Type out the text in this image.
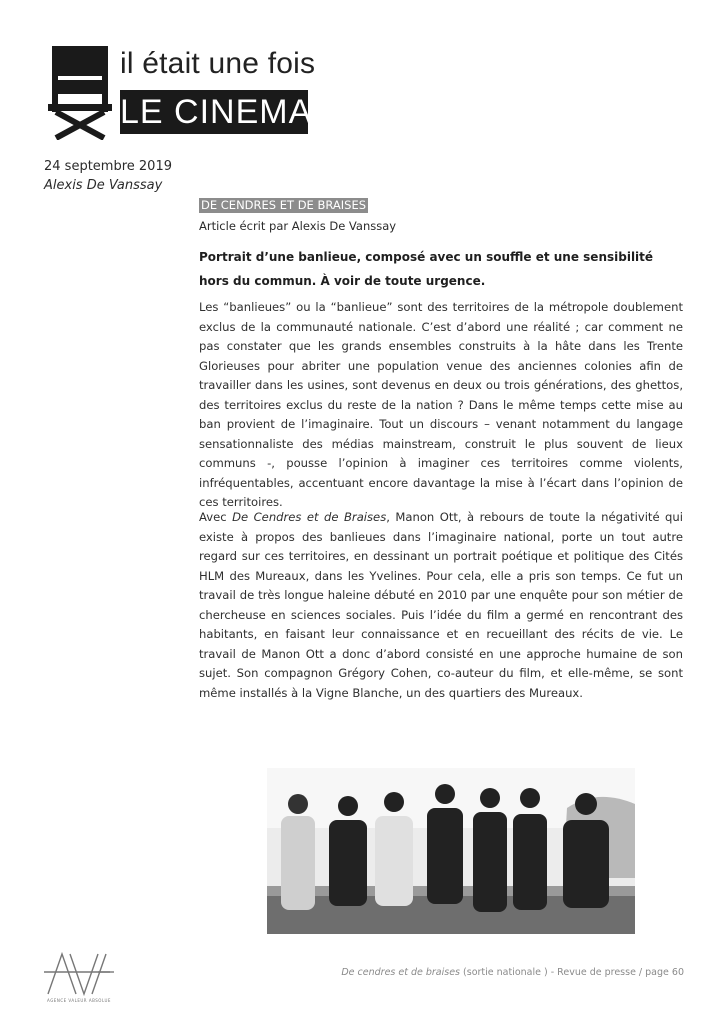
il était une fois
LE CINEMA
24 septembre 2019
Alexis De Vanssay
DE CENDRES ET DE BRAISES
Article écrit par Alexis De Vanssay
Portrait d’une banlieue, composé avec un souffle et une sensibilité hors du commun. À voir de toute urgence.
Les “banlieues” ou la “banlieue” sont des territoires de la métropole doublement exclus de la communauté nationale. C’est d’abord une réalité ; car comment ne pas constater que les grands ensembles construits à la hâte dans les Trente Glorieuses pour abriter une population venue des anciennes colonies afin de travailler dans les usines, sont devenus en deux ou trois générations, des ghettos, des territoires exclus du reste de la nation ? Dans le même temps cette mise au ban provient de l’imaginaire. Tout un discours – venant notamment du langage sensationnaliste des médias mainstream, construit le plus souvent de lieux communs -, pousse l’opinion à imaginer ces territoires comme violents, infréquentables, accentuant encore davantage la mise à l’écart dans l’opinion de ces territoires.
Avec De Cendres et de Braises, Manon Ott, à rebours de toute la négativité qui existe à propos des banlieues dans l’imaginaire national, porte un tout autre regard sur ces territoires, en dessinant un portrait poétique et politique des Cités HLM des Mureaux, dans les Yvelines. Pour cela, elle a pris son temps. Ce fut un travail de très longue haleine débuté en 2010 par une enquête pour son métier de chercheuse en sciences sociales. Puis l’idée du film a germé en rencontrant des habitants, en faisant leur connaissance et en recueillant des récits de vie. Le travail de Manon Ott a donc d’abord consisté en une approche humaine de son sujet. Son compagnon Grégory Cohen, co-auteur du film, et elle-même, se sont même installés à la Vigne Blanche, un des quartiers des Mureaux.
AGENCE VALEUR ABSOLUE
De cendres et de braises (sortie nationale ) - Revue de presse / page 60
